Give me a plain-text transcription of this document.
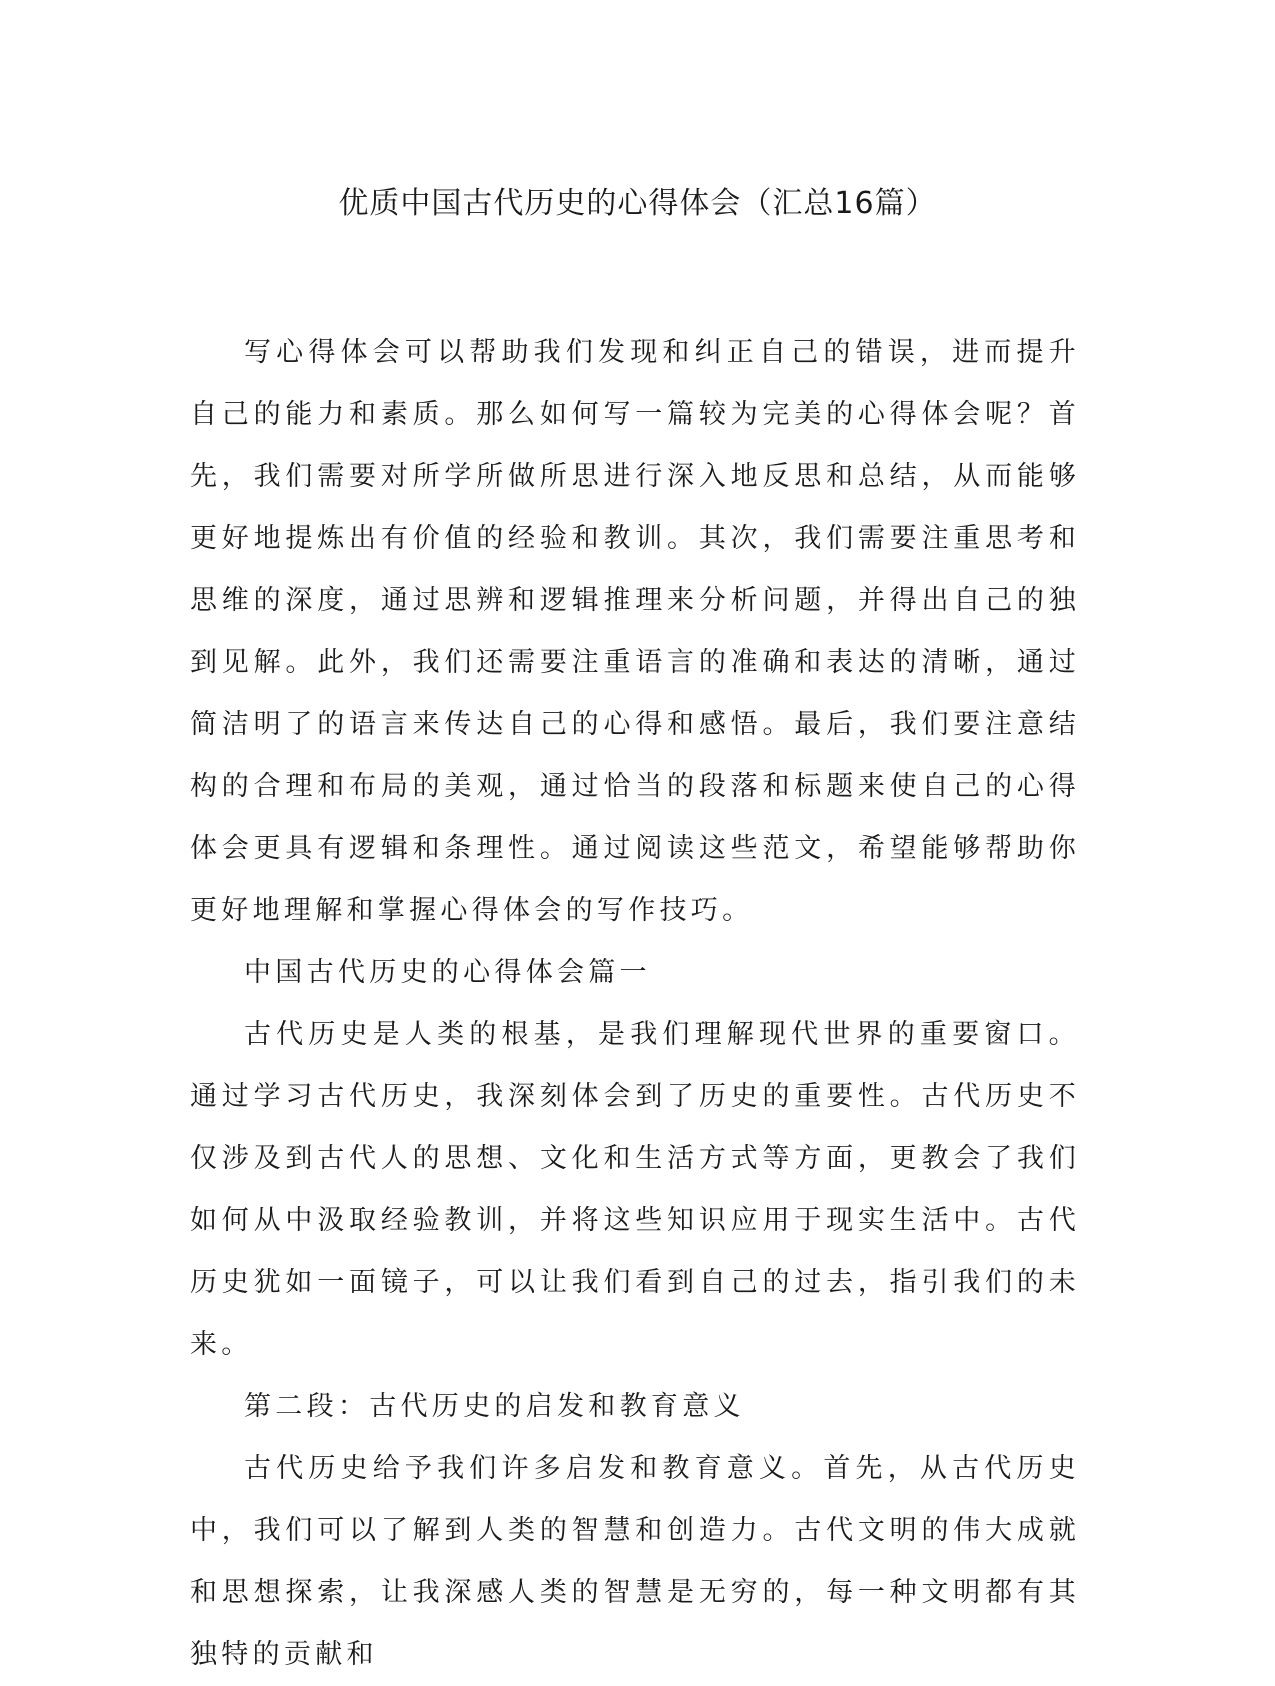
优质中国古代历史的心得体会（汇总16篇）

写心得体会可以帮助我们发现和纠正自己的错误，进而提升自己的能力和素质。那么如何写一篇较为完美的心得体会呢？首先，我们需要对所学所做所思进行深入地反思和总结，从而能够更好地提炼出有价值的经验和教训。其次，我们需要注重思考和思维的深度，通过思辨和逻辑推理来分析问题，并得出自己的独到见解。此外，我们还需要注重语言的准确和表达的清晰，通过简洁明了的语言来传达自己的心得和感悟。最后，我们要注意结构的合理和布局的美观，通过恰当的段落和标题来使自己的心得体会更具有逻辑和条理性。通过阅读这些范文，希望能够帮助你更好地理解和掌握心得体会的写作技巧。

中国古代历史的心得体会篇一

古代历史是人类的根基，是我们理解现代世界的重要窗口。通过学习古代历史，我深刻体会到了历史的重要性。古代历史不仅涉及到古代人的思想、文化和生活方式等方面，更教会了我们如何从中汲取经验教训，并将这些知识应用于现实生活中。古代历史犹如一面镜子，可以让我们看到自己的过去，指引我们的未来。

第二段：古代历史的启发和教育意义

古代历史给予我们许多启发和教育意义。首先，从古代历史中，我们可以了解到人类的智慧和创造力。古代文明的伟大成就和思想探索，让我深感人类的智慧是无穷的，每一种文明都有其独特的贡献和
